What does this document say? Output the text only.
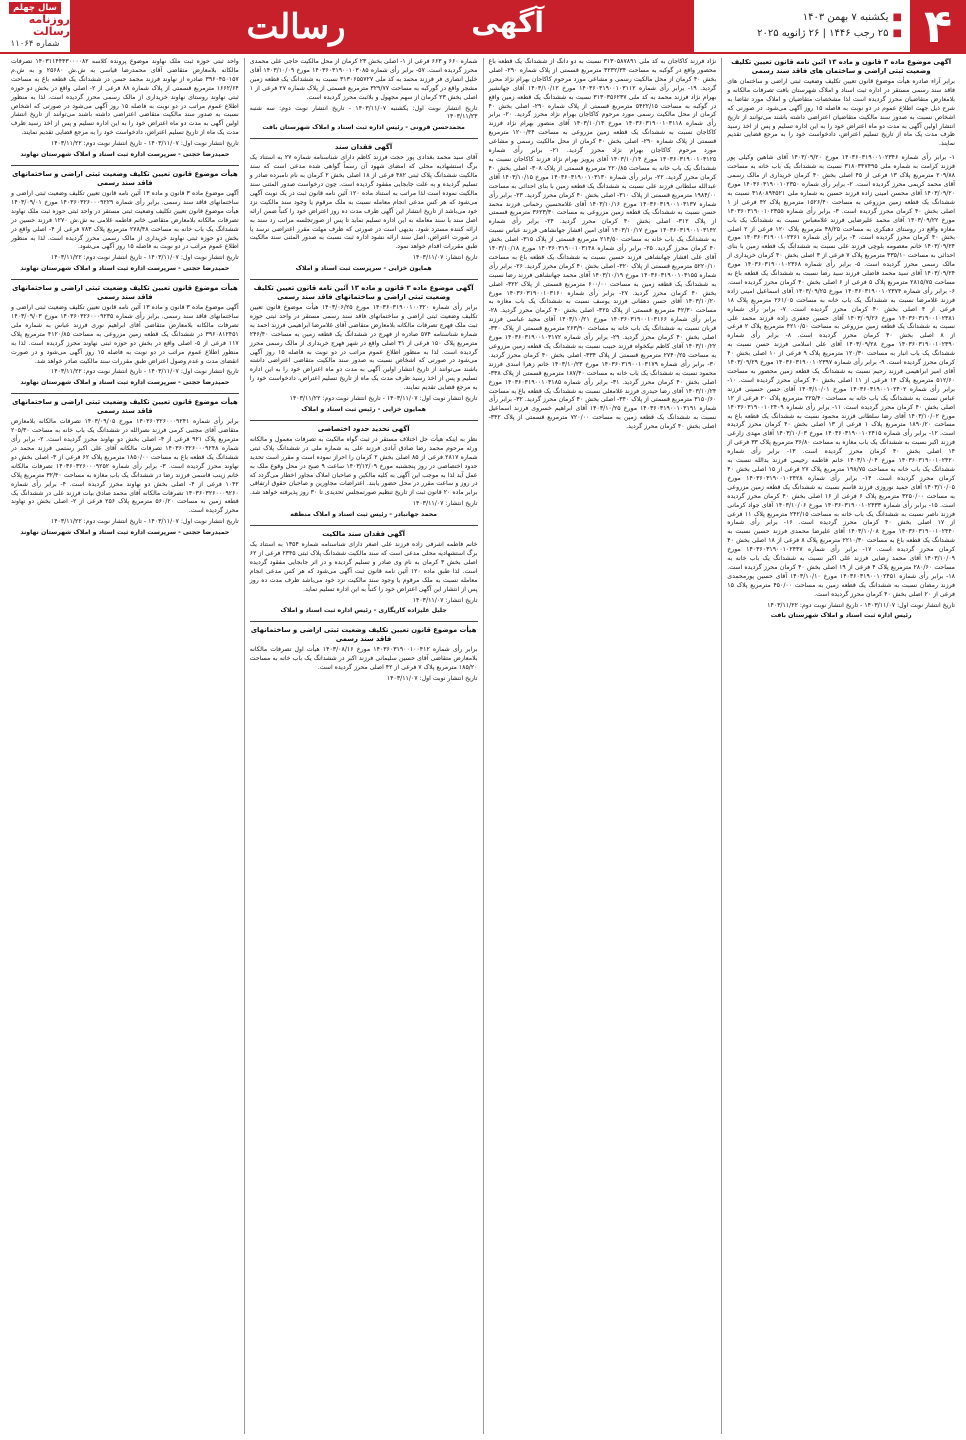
۴
■یکشنبه ۷ بهمن ۱۴۰۳
■۲۵ رجب ۱۴۴۶ | ۲۶ ژانویه ۲۰۲۵
آگهی
رسالت
سال چهلم
روزنامه رسالت
شماره ۱۱۰۶۴
آگهی موضوع ماده ۳ قانون و ماده ۱۳ آئین نامه قانون تعیین تکلیف وضعیت ثبتی اراضی و ساختمان های فاقد سند رسمی
برابر آراء صادره هیأت موضوع قانون تعیین تکلیف وضعیت ثبتی اراضی و ساختمان های فاقد سند رسمی مستقر در اداره ثبت اسناد و املاک شهرستان بافت تصرفات مالکانه و بلامعارض متقاضیان محرز گردیده است لذا مشخصات متقاضیان و املاک مورد تقاضا به شرح ذیل جهت اطلاع عموم در دو نوبت به فاصله ۱۵ روز آگهی می‌شود. در صورتی که اشخاص نسبت به صدور سند مالکیت متقاضیان اعتراضی داشته باشند می‌توانند از تاریخ انتشار اولین آگهی به مدت دو ماه اعتراض خود را به این اداره تسلیم و پس از اخذ رسید ظرف مدت یک ماه از تاریخ تسلیم اعتراض، دادخواست خود را به مرجع قضایی تقدیم نمایند.
۱- برابر رأی شماره ۱۴۰۳۶۰۳۱۹۰۰۱۰۲۳۴۶ مورخ ۱۴۰۳/۰۹/۲۰ آقای شاهین وکیلی پور فرزند کرامت به شماره ملی ۳۱۸۰۳۴۷۴۹۵ نسبت به ششدانگ یک باب خانه به مساحت ۲۰۹/۸۸ مترمربع پلاک ۱۳ فرعی از ۴۵ اصلی بخش ۴۰ کرمان خریداری از مالک رسمی آقای محمد کریمی محرز گردیده است. ۲- برابر رأی شماره ۱۴۰۳۶۰۳۱۹۰۰۱۰۲۳۵۰ مورخ ۱۴۰۳/۰۹/۲۰ آقای محسن امینی زاده فرزند حسین به شماره ملی ۳۱۸۰۸۹۴۵۲۱ نسبت به ششدانگ یک قطعه زمین مزروعی به مساحت ۱۵۲۶/۴۰ مترمربع پلاک ۴۲ فرعی از ۱ اصلی بخش ۴۰ کرمان محرز گردیده است. ۳- برابر رأی شماره ۱۴۰۳۶۰۳۱۹۰۰۱۰۲۳۵۵ مورخ ۱۴۰۳/۰۹/۲۲ آقای محمد علیرضایی فرزند غلامعباس نسبت به ششدانگ یک باب مغازه واقع در روستای دهبکری به مساحت ۴۸/۲۵ مترمربع پلاک ۱۲۰ فرعی از ۲ اصلی بخش ۴۰ کرمان محرز گردیده است. ۴- برابر رأی شماره ۱۴۰۳۶۰۳۱۹۰۰۱۰۲۳۶۱ مورخ ۱۴۰۳/۰۹/۲۴ خانم معصومه بلوچی فرزند علی نسبت به ششدانگ یک قطعه زمین با بنای احداثی به مساحت ۳۳۵/۱۰ مترمربع پلاک ۷ فرعی از ۳ اصلی بخش ۴۰ کرمان خریداری از مالک رسمی محرز گردیده است. ۵- برابر رأی شماره ۱۴۰۳۶۰۳۱۹۰۰۱۰۲۳۶۸ مورخ ۱۴۰۳/۰۹/۲۴ آقای سید محمد فاضلی فرزند سید رضا نسبت به ششدانگ یک قطعه باغ به مساحت ۲۸۱۵/۷۵ مترمربع پلاک ۵ فرعی از ۶ اصلی بخش ۴۰ کرمان محرز گردیده است. ۶- برابر رأی شماره ۱۴۰۳۶۰۳۱۹۰۰۱۰۲۳۷۴ مورخ ۱۴۰۳/۰۹/۲۵ آقای اسماعیل امینی زاده فرزند غلامرضا نسبت به ششدانگ یک باب خانه به مساحت ۲۶۱/۰۵ مترمربع پلاک ۱۸ فرعی از ۴ اصلی بخش ۴۰ کرمان محرز گردیده است. ۷- برابر رأی شماره ۱۴۰۳۶۰۳۱۹۰۰۱۰۲۳۸۱ مورخ ۱۴۰۳/۰۹/۲۶ آقای حسین جعفری زاده فرزند محمد علی نسبت به ششدانگ یک قطعه زمین مزروعی به مساحت ۴۲۱۰/۵۰ مترمربع پلاک ۲ فرعی از ۸ اصلی بخش ۴۰ کرمان محرز گردیده است. ۸- برابر رأی شماره ۱۴۰۳۶۰۳۱۹۰۰۱۰۲۳۹۰ مورخ ۱۴۰۳/۰۹/۲۸ آقای علی اسلامی فرزند حسن نسبت به ششدانگ یک باب انبار به مساحت ۱۲۰/۳۰ مترمربع پلاک ۹ فرعی از ۱۰ اصلی بخش ۴۰ کرمان محرز گردیده است. ۹- برابر رأی شماره ۱۴۰۳۶۰۳۱۹۰۰۱۰۲۳۹۷ مورخ ۱۴۰۳/۰۹/۲۹ آقای امیر ابراهیمی فرزند رحیم نسبت به ششدانگ یک قطعه زمین محصور به مساحت ۵۱۲/۶۰ مترمربع پلاک ۱۴ فرعی از ۱۱ اصلی بخش ۴۰ کرمان محرز گردیده است. ۱۰- برابر رأی شماره ۱۴۰۳۶۰۳۱۹۰۰۱۰۲۴۰۲ مورخ ۱۴۰۳/۱۰/۰۱ آقای حسن حسینی فرزند عباس نسبت به ششدانگ یک باب خانه به مساحت ۲۲۵/۴۰ مترمربع پلاک ۲۰ فرعی از ۱۲ اصلی بخش ۴۰ کرمان محرز گردیده است. ۱۱- برابر رأی شماره ۱۴۰۳۶۰۳۱۹۰۰۱۰۲۴۰۹ مورخ ۱۴۰۳/۱۰/۰۲ آقای رضا سلطانی فرزند محمود نسبت به ششدانگ یک قطعه باغ به مساحت ۱۸۹۰/۲۰ مترمربع پلاک ۱ فرعی از ۱۳ اصلی بخش ۴۰ کرمان محرز گردیده است. ۱۲- برابر رأی شماره ۱۴۰۳۶۰۳۱۹۰۰۱۰۲۴۱۵ مورخ ۱۴۰۳/۱۰/۰۳ آقای مهدی زارعی فرزند اکبر نسبت به ششدانگ یک باب مغازه به مساحت ۳۶/۸۰ مترمربع پلاک ۳۳ فرعی از ۱۴ اصلی بخش ۴۰ کرمان محرز گردیده است. ۱۳- برابر رأی شماره ۱۴۰۳۶۰۳۱۹۰۰۱۰۲۴۲۰ مورخ ۱۴۰۳/۱۰/۰۴ خانم فاطمه رحیمی فرزند یدالله نسبت به ششدانگ یک باب خانه به مساحت ۱۹۸/۷۵ مترمربع پلاک ۲۷ فرعی از ۱۵ اصلی بخش ۴۰ کرمان محرز گردیده است. ۱۴- برابر رأی شماره ۱۴۰۳۶۰۳۱۹۰۰۱۰۲۴۲۸ مورخ ۱۴۰۳/۱۰/۰۵ آقای حمید نوروزی فرزند قاسم نسبت به ششدانگ یک قطعه زمین مزروعی به مساحت ۳۲۵۰/۰۰ مترمربع پلاک ۶ فرعی از ۱۶ اصلی بخش ۴۰ کرمان محرز گردیده است. ۱۵- برابر رأی شماره ۱۴۰۳۶۰۳۱۹۰۰۱۰۲۴۳۳ مورخ ۱۴۰۳/۱۰/۰۶ آقای جواد کرمانی فرزند ناصر نسبت به ششدانگ یک باب خانه به مساحت ۲۴۲/۱۵ مترمربع پلاک ۱۱ فرعی از ۱۷ اصلی بخش ۴۰ کرمان محرز گردیده است. ۱۶- برابر رأی شماره ۱۴۰۳۶۰۳۱۹۰۰۱۰۲۴۴۰ مورخ ۱۴۰۳/۱۰/۰۸ آقای علیرضا محمدی فرزند حسین نسبت به ششدانگ یک قطعه باغ به مساحت ۲۲۱۰/۳۰ مترمربع پلاک ۸ فرعی از ۱۸ اصلی بخش ۴۰ کرمان محرز گردیده است. ۱۷- برابر رأی شماره ۱۴۰۳۶۰۳۱۹۰۰۱۰۲۴۴۷ مورخ ۱۴۰۳/۱۰/۰۹ آقای محمد رضایی فرزند علی اکبر نسبت به ششدانگ یک باب خانه به مساحت ۲۸۰/۶۰ مترمربع پلاک ۴ فرعی از ۱۹ اصلی بخش ۴۰ کرمان محرز گردیده است. ۱۸- برابر رأی شماره ۱۴۰۳۶۰۳۱۹۰۰۱۰۲۴۵۱ مورخ ۱۴۰۳/۱۰/۱۰ آقای حسین پورمحمدی فرزند رمضان نسبت به ششدانگ یک قطعه زمین به مساحت ۴۵۰/۰۰ مترمربع پلاک ۱۵ فرعی از ۲۰ اصلی بخش ۴۰ کرمان محرز گردیده است.
تاریخ انتشار نوبت اول: ۱۴۰۳/۱۱/۰۷ - تاریخ انتشار نوبت دوم: ۱۴۰۳/۱۱/۲۲
رئیس اداره ثبت اسناد و املاک شهرستان بافت
نژاد فرزند کاکاجان به کد ملی ۳۱۳۰۵۸۷۸۹۱ نسبت به دو دانگ از ششدانگ یک قطعه باغ محصور واقع در گوکبه به مساحت ۳۲۳۲/۳۴ مترمربع قسمتی از پلاک شماره ۲۹۰- اصلی بخش ۴۰ کرمان از محل مالکیت رسمی و مشاعی مورد مرحوم کاکاجان بهرام نژاد محرز گردید. ۱۹- برابر رأی شماره ۱۴۰۳۶۰۳۱۹۰۰۱۰۳۱۱۲ مورخ ۱۴۰۳/۱۰/۱۲ آقای جهانشیر بهرام نژاد فرزند محمد به کد ملی ۳۱۳۰۳۵۶۲۳۷ نسبت به ششدانگ یک قطعه زمین واقع در گوکبه به مساحت ۵۴۲۲/۱۵ مترمربع قسمتی از پلاک شماره ۲۹۰- اصلی بخش ۴۰ کرمان از محل مالکیت رسمی مورد مرحوم کاکاجان بهرام نژاد محرز گردید. ۲۰- برابر رأی شماره ۱۴۰۳۶۰۳۱۹۰۰۱۰۳۱۱۸ مورخ ۱۴۰۳/۱۰/۱۳ آقای منصور بهرام نژاد فرزند کاکاجان نسبت به ششدانگ یک قطعه زمین مزروعی به مساحت ۱۲۰۰/۴۴ مترمربع قسمتی از پلاک شماره ۲۹۰- اصلی بخش ۴۰ کرمان از محل مالکیت رسمی و مشاعی مورد مرحوم کاکاجان بهرام نژاد محرز گردید. ۲۱- برابر رأی شماره ۱۴۰۳۶۰۳۱۹۰۰۱۰۳۱۲۵ مورخ ۱۴۰۳/۱۰/۱۴ آقای پرویز بهرام نژاد فرزند کاکاجان نسبت به ششدانگ یک باب خانه به مساحت ۲۲۰/۸۵ مترمربع قسمتی از پلاک ۳۰۸- اصلی بخش ۴۰ کرمان محرز گردید. ۲۲- برابر رأی شماره ۱۴۰۳۶۰۳۱۹۰۰۱۰۳۱۳۰ مورخ ۱۴۰۳/۱۰/۱۵ آقای عبدالله سلطانی فرزند علی نسبت به ششدانگ یک قطعه زمین با بنای احداثی به مساحت ۱۹۸۴/۰۰ مترمربع قسمتی از پلاک ۳۱۰- اصلی بخش ۴۰ کرمان محرز گردید. ۲۳- برابر رأی شماره ۱۴۰۳۶۰۳۱۹۰۰۱۰۳۱۳۷ مورخ ۱۴۰۳/۱۰/۱۶ آقای غلامحسین رحمانی فرزند محمد حسن نسبت به ششدانگ یک قطعه زمین مزروعی به مساحت ۳۶۲۳/۳۰ مترمربع قسمتی از پلاک ۳۱۲- اصلی بخش ۴۰ کرمان محرز گردید. ۲۴- برابر رأی شماره ۱۴۰۳۶۰۳۱۹۰۰۱۰۳۱۴۲ مورخ ۱۴۰۳/۱۰/۱۷ آقای امین افشار جهانشاهی فرزند عباس نسبت به ششدانگ یک باب خانه به مساحت ۲۱۴/۵۰ مترمربع قسمتی از پلاک ۳۱۵- اصلی بخش ۴۰ کرمان محرز گردید. ۲۵- برابر رأی شماره ۱۴۰۳۶۰۳۱۹۰۰۱۰۳۱۴۸ مورخ ۱۴۰۳/۱۰/۱۸ آقای علی افشار جهانشاهی فرزند حسین نسبت به ششدانگ یک قطعه باغ به مساحت ۵۲۲۰/۱۰ مترمربع قسمتی از پلاک ۳۲۰- اصلی بخش ۴۰ کرمان محرز گردید. ۲۶- برابر رأی شماره ۱۴۰۳۶۰۳۱۹۰۰۱۰۳۱۵۵ مورخ ۱۴۰۳/۱۰/۱۹ آقای محمد جهانشاهی فرزند رضا نسبت به ششدانگ یک قطعه زمین به مساحت ۶۰۰/۰۰ مترمربع قسمتی از پلاک ۳۲۲- اصلی بخش ۴۰ کرمان محرز گردید. ۲۷- برابر رأی شماره ۱۴۰۳۶۰۳۱۹۰۰۱۰۳۱۶۰ مورخ ۱۴۰۳/۱۰/۲۰ آقای حسن دهقانی فرزند یوسف نسبت به ششدانگ یک باب مغازه به مساحت ۴۲/۳۰ مترمربع قسمتی از پلاک ۳۲۵- اصلی بخش ۴۰ کرمان محرز گردید. ۲۸- برابر رأی شماره ۱۴۰۳۶۰۳۱۹۰۰۱۰۳۱۶۶ مورخ ۱۴۰۳/۱۰/۲۱ آقای مجید عباسی فرزند قربان نسبت به ششدانگ یک باب خانه به مساحت ۲۶۳/۹۰ مترمربع قسمتی از پلاک ۳۳۰- اصلی بخش ۴۰ کرمان محرز گردید. ۲۹- برابر رأی شماره ۱۴۰۳۶۰۳۱۹۰۰۱۰۳۱۷۲ مورخ ۱۴۰۳/۱۰/۲۲ آقای کاظم نیکخواه فرزند حبیب نسبت به ششدانگ یک قطعه زمین مزروعی به مساحت ۲۷۴۰/۲۵ مترمربع قسمتی از پلاک ۳۳۴- اصلی بخش ۴۰ کرمان محرز گردید. ۳۰- برابر رأی شماره ۱۴۰۳۶۰۳۱۹۰۰۱۰۳۱۷۹ مورخ ۱۴۰۳/۱۰/۲۳ خانم زهرا اسدی فرزند محمود نسبت به ششدانگ یک باب خانه به مساحت ۱۸۷/۴۰ مترمربع قسمتی از پلاک ۳۳۸- اصلی بخش ۴۰ کرمان محرز گردید. ۳۱- برابر رأی شماره ۱۴۰۳۶۰۳۱۹۰۰۱۰۳۱۸۵ مورخ ۱۴۰۳/۱۰/۲۴ آقای رضا حیدری فرزند غلامعلی نسبت به ششدانگ یک قطعه باغ به مساحت ۳۱۵۰/۶۰ مترمربع قسمتی از پلاک ۳۴۰- اصلی بخش ۴۰ کرمان محرز گردید. ۳۲- برابر رأی شماره ۱۴۰۳۶۰۳۱۹۰۰۱۰۳۱۹۱ مورخ ۱۴۰۳/۱۰/۲۵ آقای ابراهیم خسروی فرزند اسماعیل نسبت به ششدانگ یک قطعه زمین به مساحت ۷۲۰/۰۰ مترمربع قسمتی از پلاک ۳۴۲- اصلی بخش ۴۰ کرمان محرز گردید.
شماره ۶۶۰ و ۶۶۳ فرعی از ۱- اصلی بخش ۲۳ کرمان از محل مالکیت حاجی علی محمدی محرز گردیده است. ۵۷- برابر رأی شماره ۱۴۰۳۶۰۳۱۹۰۰۱۰۳۰۸۵ مورخ ۱۴۰۳/۱۰/۰۹ آقای خلیل انصاری فر فرزند محمد به کد ملی ۳۱۳۰۶۵۵۷۲۷ نسبت به ششدانگ یک قطعه زمین مشجر واقع در گورکبه به مساحت ۳۲۹/۷۷ مترمربع قسمتی از پلاک شماره ۲۷ فرعی از ۱ اصلی بخش ۲۳ کرمان از سهم مجهول و بلاثبت محرز گردیده است.
تاریخ انتشار نوبت اول: یکشنبه ۱۴۰۳/۱۱/۰۷ - تاریخ انتشار نوبت دوم: سه شنبه ۱۴۰۳/۱۱/۲۳
محمدحسن قرونی - رئیس اداره ثبت اسناد و املاک شهرستان بافت
آگهی فقدان سند
آقای سید محمد بغدادی پور حجت فرزند کاظم دارای شناسنامه شماره ۲۷ به استناد یک برگ استشهادیه محلی که امضای شهود آن رسماً گواهی شده مدعی است که سند مالکیت ششدانگ پلاک ثبتی ۴۸۲ فرعی از ۱۸ اصلی بخش ۲ کرمان به نام نامبرده صادر و تسلیم گردیده و به علت جابجایی مفقود گردیده است. چون درخواست صدور المثنی سند مالکیت نموده است لذا مراتب به استناد ماده ۱۲۰ آئین نامه قانون ثبت در یک نوبت آگهی می‌شود که هر کس مدعی انجام معامله نسبت به ملک مرقوم یا وجود سند مالکیت نزد خود می‌باشد از تاریخ انتشار این آگهی ظرف مدت ده روز اعتراض خود را کتباً ضمن ارائه اصل سند یا سند معامله به این اداره تسلیم نماید تا پس از صورتجلسه مراتب رد سند به ارائه کننده مسترد شود. بدیهی است در صورتی که ظرف مهلت مقرر اعتراضی نرسد یا در صورت اعتراض، اصل سند ارائه نشود اداره ثبت نسبت به صدور المثنی سند مالکیت طبق مقررات اقدام خواهد نمود.
تاریخ انتشار: ۱۴۰۳/۱۱/۰۷
همایون خزایی - سرپرست ثبت اسناد و املاک
آگهی موضوع ماده ۳ قانون و ماده ۱۳ آئین نامه قانون تعیین تکلیف وضعیت ثبتی اراضی و ساختمانهای فاقد سند رسمی
برابر رأی شماره ۱۴۰۳۶۰۳۱۹۰۰۱۰۰۳۲۰ مورخ ۱۴۰۳/۰۶/۲۵ هیأت موضوع قانون تعیین تکلیف وضعیت ثبتی اراضی و ساختمانهای فاقد سند رسمی مستقر در واحد ثبتی حوزه ثبت ملک فهرج تصرفات مالکانه بلامعارض متقاضی آقای غلامرضا ابراهیمی فرزند احمد به شماره شناسنامه ۵۷۴ صادره از فهرج در ششدانگ یک قطعه زمین به مساحت ۲۴۶/۴۰ مترمربع پلاک ۱۵۰ فرعی از ۳۱ اصلی واقع در شهر فهرج خریداری از مالک رسمی محرز گردیده است. لذا به منظور اطلاع عموم مراتب در دو نوبت به فاصله ۱۵ روز آگهی می‌شود در صورتی که اشخاص نسبت به صدور سند مالکیت متقاضی اعتراضی داشته باشند می‌توانند از تاریخ انتشار اولین آگهی به مدت دو ماه اعتراض خود را به این اداره تسلیم و پس از اخذ رسید ظرف مدت یک ماه از تاریخ تسلیم اعتراض، دادخواست خود را به مرجع قضایی تقدیم نمایند.
تاریخ انتشار نوبت اول: ۱۴۰۳/۱۱/۰۷ - تاریخ انتشار نوبت دوم: ۱۴۰۳/۱۱/۲۲
همایون خزایی - رئیس ثبت اسناد و املاک
آگهی تحدید حدود اختصاصی
نظر به اینکه هیأت حل اختلاف مستقر در ثبت گواه مالکیت به تصرفات معمول و مالکانه ورثه مرحوم محمد رضا صادق آبادی فرزند علی به شماره ملی در ششدانگ پلاک ثبتی شماره ۲۸۱۷ فرعی از ۸۵ اصلی بخش ۲ کرمان را احراز نموده است و مقرر است تحدید حدود اختصاصی در روز پنجشنبه مورخ ۱۴۰۳/۱۲/۰۹ ساعت ۹ صبح در محل وقوع ملک به عمل آید لذا به موجب این آگهی به کلیه مالکین و صاحبان املاک مجاور اخطار می‌گردد که در روز و ساعت مقرر در محل حضور یابند. اعتراضات مجاورین و صاحبان حقوق ارتفاقی برابر ماده ۲۰ قانون ثبت از تاریخ تنظیم صورتمجلس تحدیدی تا ۳۰ روز پذیرفته خواهد شد.
تاریخ انتشار: ۱۴۰۳/۱۱/۰۷
محمد جهانبادر - رئیس ثبت اسناد و املاک منطقه
آگهی فقدان سند مالکیت
خانم فاطمه اشرفی زاده فرزند علی اصغر دارای شناسنامه شماره ۱۳۵۴ به استناد یک برگ استشهادیه محلی مدعی است که سند مالکیت ششدانگ پلاک ثبتی ۲۳۴۵ فرعی از ۶۲ اصلی بخش ۳ کرمان به نام وی صادر و تسلیم گردیده و در اثر جابجایی مفقود گردیده است. لذا طبق ماده ۱۲۰ آئین نامه قانون ثبت آگهی می‌شود که هر کس مدعی انجام معامله نسبت به ملک مرقوم یا وجود سند مالکیت نزد خود می‌باشد ظرف مدت ده روز پس از انتشار این آگهی اعتراض خود را کتباً به این اداره تسلیم نماید.
تاریخ انتشار: ۱۴۰۳/۱۱/۰۷
جلیل علیزاده کاریگاری - رئیس اداره ثبت اسناد و املاک
هیأت موضوع قانون تعیین تکلیف وضعیت ثبتی اراضی و ساختمانهای فاقد سند رسمی
برابر رأی شماره ۱۴۰۳۶۰۳۱۹۰۰۱۰۰۴۱۲ مورخ ۱۴۰۳/۰۸/۱۶ هیأت اول تصرفات مالکانه بلامعارض متقاضی آقای حسین سلیمانی فرزند اکبر در ششدانگ یک باب خانه به مساحت ۱۸۵/۲۰ مترمربع پلاک ۷ فرعی از ۴۲ اصلی محرز گردیده است.
تاریخ انتشار نوبت اول: ۱۴۰۳/۱۱/۰۷
واحد ثبتی حوزه ثبت ملک نهاوند موضوع پرونده کلاسه ۱۴۰۳۱۱۴۴۴۳۰۰۰۰۸۲ تصرفات مالکانه بلامعارض متقاضی آقای محمدرضا قیاسی به ش.ش ۲۵۶۸۰ و به ش.م ۳۹۶۰۴۵۰۱۵۷ صادره از نهاوند فرزند محمد حسن در ششدانگ یک قطعه باغ به مساحت ۱۶۶۲/۶۴ مترمربع قسمتی از پلاک شماره ۸۸ فرعی از ۲- اصلی واقع در بخش دو حوزه ثبتی نهاوند روستای نهاوند خریداری از مالک رسمی محرز گردیده است. لذا به منظور اطلاع عموم مراتب در دو نوبت به فاصله ۱۵ روز آگهی می‌شود در صورتی که اشخاص نسبت به صدور سند مالکیت متقاضی اعتراضی داشته باشند می‌توانند از تاریخ انتشار اولین آگهی به مدت دو ماه اعتراض خود را به این اداره تسلیم و پس از اخذ رسید ظرف مدت یک ماه از تاریخ تسلیم اعتراض، دادخواست خود را به مرجع قضایی تقدیم نمایند.
تاریخ انتشار نوبت اول: ۱۴۰۳/۱۱/۰۷ - تاریخ انتشار نوبت دوم: ۱۴۰۳/۱۱/۲۲
حمیدرضا حجتی - سرپرست اداره ثبت اسناد و املاک شهرستان نهاوند
هیأت موضوع قانون تعیین تکلیف وضعیت ثبتی اراضی و ساختمانهای فاقد سند رسمی
آگهی موضوع ماده ۳ قانون و ماده ۱۳ آئین نامه قانون تعیین تکلیف وضعیت ثبتی اراضی و ساختمانهای فاقد سند رسمی. برابر رأی شماره ۱۴۰۳۶۰۳۲۶۰۰۰۹۲۲۹ مورخ ۱۴۰۳/۰۹/۰۱ هیأت موضوع قانون تعیین تکلیف وضعیت ثبتی مستقر در واحد ثبتی حوزه ثبت ملک نهاوند تصرفات مالکانه بلامعارض متقاضی خانم فاطمه غلامی به ش.ش ۱۲۷۰ فرزند حسین در ششدانگ یک باب خانه به مساحت ۲۷۸/۴۸ مترمربع پلاک ۷۸۳ فرعی از ۴- اصلی واقع در بخش دو حوزه ثبتی نهاوند خریداری از مالک رسمی محرز گردیده است. لذا به منظور اطلاع عموم مراتب در دو نوبت به فاصله ۱۵ روز آگهی می‌شود.
تاریخ انتشار نوبت اول: ۱۴۰۳/۱۱/۰۷ - تاریخ انتشار نوبت دوم: ۱۴۰۳/۱۱/۲۲
حمیدرضا حجتی - سرپرست اداره ثبت اسناد و املاک شهرستان نهاوند
هیأت موضوع قانون تعیین تکلیف وضعیت ثبتی اراضی و ساختمانهای فاقد سند رسمی
آگهی موضوع ماده ۳ قانون و ماده ۱۳ آئین نامه قانون تعیین تکلیف وضعیت ثبتی اراضی و ساختمانهای فاقد سند رسمی. برابر رأی شماره ۱۴۰۳۶۰۳۲۶۰۰۰۹۲۳۵ مورخ ۱۴۰۳/۰۹/۰۳ تصرفات مالکانه بلامعارض متقاضی آقای ابراهیم نوری فرزند عباس به شماره ملی ۳۹۶۰۸۱۲۴۵۱ در ششدانگ یک قطعه زمین مزروعی به مساحت ۴۱۲۰/۸۵ مترمربع پلاک ۱۱۷ فرعی از ۵- اصلی واقع در بخش دو حوزه ثبتی نهاوند محرز گردیده است. لذا به منظور اطلاع عموم مراتب در دو نوبت به فاصله ۱۵ روز آگهی می‌شود و در صورت انقضای مدت و عدم وصول اعتراض طبق مقررات سند مالکیت صادر خواهد شد.
تاریخ انتشار نوبت اول: ۱۴۰۳/۱۱/۰۷ - تاریخ انتشار نوبت دوم: ۱۴۰۳/۱۱/۲۲
حمیدرضا حجتی - سرپرست اداره ثبت اسناد و املاک شهرستان نهاوند
هیأت موضوع قانون تعیین تکلیف وضعیت ثبتی اراضی و ساختمانهای فاقد سند رسمی
برابر رأی شماره ۱۴۰۳۶۰۳۲۶۰۰۰۹۲۴۱ مورخ ۱۴۰۳/۰۹/۰۵ تصرفات مالکانه بلامعارض متقاضی آقای مجتبی کرمی فرزند نصرالله در ششدانگ یک باب خانه به مساحت ۲۰۵/۳۰ مترمربع پلاک ۹۲۱ فرعی از ۴- اصلی بخش دو نهاوند محرز گردیده است. ۲- برابر رأی شماره ۱۴۰۳۶۰۳۲۶۰۰۰۹۲۴۸ تصرفات مالکانه آقای علی اکبر رستمی فرزند محمد در ششدانگ یک قطعه باغ به مساحت ۱۸۵۰/۰۰ مترمربع پلاک ۶۲ فرعی از ۳- اصلی بخش دو نهاوند محرز گردیده است. ۳- برابر رأی شماره ۱۴۰۳۶۰۳۲۶۰۰۰۹۲۵۲ تصرفات مالکانه خانم زینب قاسمی فرزند رضا در ششدانگ یک باب مغازه به مساحت ۳۲/۴۰ مترمربع پلاک ۱۰۴۲ فرعی از ۴- اصلی بخش دو نهاوند محرز گردیده است. ۴- برابر رأی شماره ۱۴۰۳۶۰۳۲۶۰۰۰۹۲۶۰ تصرفات مالکانه آقای محمد صادق بیات فرزند علی در ششدانگ یک قطعه زمین به مساحت ۵۶۰/۲۰ مترمربع پلاک ۲۵۶ فرعی از ۲- اصلی بخش دو نهاوند محرز گردیده است.
تاریخ انتشار نوبت اول: ۱۴۰۳/۱۱/۰۷ - تاریخ انتشار نوبت دوم: ۱۴۰۳/۱۱/۲۲
حمیدرضا حجتی - سرپرست اداره ثبت اسناد و املاک شهرستان نهاوند
